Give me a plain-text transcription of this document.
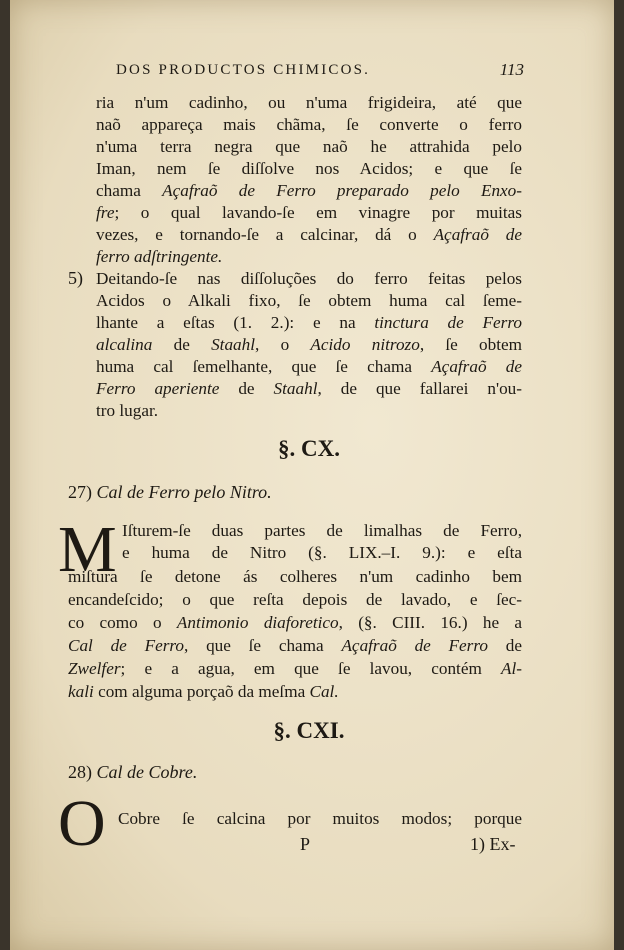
DOS PRODUCTOS CHIMICOS.	113
ria n'um cadinho, ou n'uma frigideira, até que
naõ appareça mais chãma, ſe converte o ferro
n'uma terra negra que naõ he attrahida pelo
Iman, nem ſe diſſolve nos Acidos; e que ſe
chama Açafraõ de Ferro preparado pelo Enxo-
fre; o qual lavando-ſe em vinagre por muitas
vezes, e tornando-ſe a calcinar, dá o Açafraõ de
ferro adſtringente.
5) Deitando-ſe nas diſſoluções do ferro feitas pelos
Acidos o Alkali fixo, ſe obtem huma cal ſeme-
lhante a eſtas (1. 2.): e na tinctura de Ferro
alcalina de Staahl, o Acido nitrozo, ſe obtem
huma cal ſemelhante, que ſe chama Açafraõ de
Ferro aperiente de Staahl, de que fallarei n'ou-
tro lugar.
§. CX.
27) Cal de Ferro pelo Nitro.
M Iſturem-ſe duas partes de limalhas de Ferro,
e huma de Nitro (§. LIX.–I. 9.): e eſta
miſtura ſe detone ás colheres n'um cadinho bem
encandeſcido; o que reſta depois de lavado, e ſec-
co como o Antimonio diaforetico, (§. CIII. 16.) he a
Cal de Ferro, que ſe chama Açafraõ de Ferro de
Zwelfer; e a agua, em que ſe lavou, contém Al-
kali com alguma porçaõ da meſma Cal.
§. CXI.
28) Cal de Cobre.
O Cobre ſe calcina por muitos modos; porque
P	1) Ex-
